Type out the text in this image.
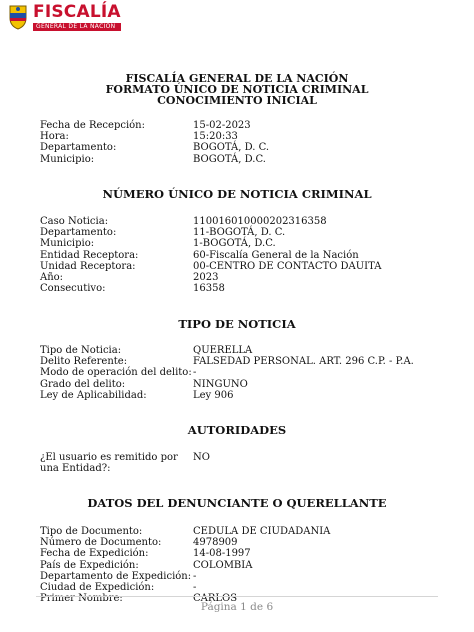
FISCALÍA
GENERAL DE LA NACIÓN
FISCALÍA GENERAL DE LA NACIÓN
FORMATO ÚNICO DE NOTICIA CRIMINAL
CONOCIMIENTO INICIAL
Fecha de Recepción:	15-02-2023
Hora:	15:20:33
Departamento:	BOGOTÁ, D. C.
Municipio:	BOGOTÁ, D.C.
NÚMERO ÚNICO DE NOTICIA CRIMINAL
Caso Noticia:	110016010000202316358
Departamento:	11-BOGOTÁ, D. C.
Municipio:	1-BOGOTÁ, D.C.
Entidad Receptora:	60-Fiscalía General de la Nación
Unidad Receptora:	00-CENTRO DE CONTACTO DAUITA
Año:	2023
Consecutivo:	16358
TIPO DE NOTICIA
Tipo de Noticia:	QUERELLA
Delito Referente:	FALSEDAD PERSONAL. ART. 296 C.P. - P.A.
Modo de operación del delito: -
Grado del delito:	NINGUNO
Ley de Aplicabilidad:	Ley 906
AUTORIDADES
¿El usuario es remitido por una Entidad?:
NO
DATOS DEL DENUNCIANTE O QUERELLANTE
Tipo de Documento:	CEDULA DE CIUDADANIA
Número de Documento:	4978909
Fecha de Expedición:	14-08-1997
País de Expedición:	COLOMBIA
Departamento de Expedición: -
Ciudad de Expedición:	-
Primer Nombre:	CARLOS
Página 1 de 6
